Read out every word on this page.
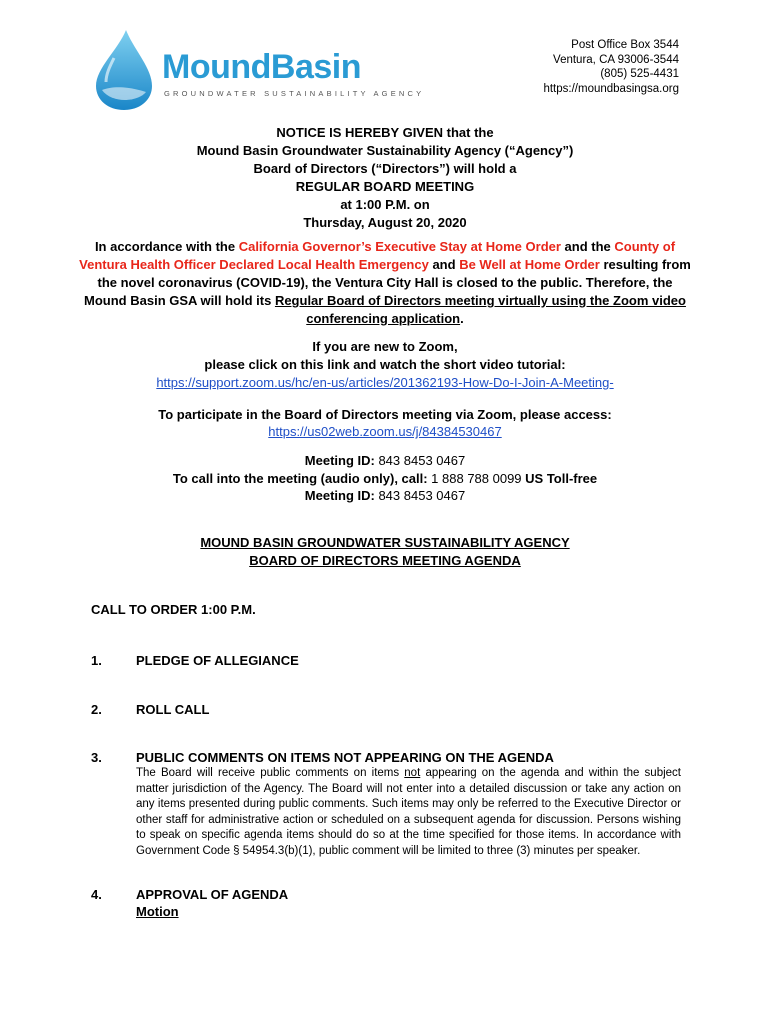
MoundBasin
GROUNDWATER SUSTAINABILITY AGENCY
Post Office Box 3544
Ventura, CA 93006-3544
(805) 525-4431
https://moundbasingsa.org
NOTICE IS HEREBY GIVEN that the
Mound Basin Groundwater Sustainability Agency (“Agency”)
Board of Directors (“Directors”) will hold a
REGULAR BOARD MEETING
at 1:00 P.M. on
Thursday, August 20, 2020
In accordance with the California Governor’s Executive Stay at Home Order and the County of Ventura Health Officer Declared Local Health Emergency and Be Well at Home Order resulting from the novel coronavirus (COVID-19), the Ventura City Hall is closed to the public. Therefore, the Mound Basin GSA will hold its Regular Board of Directors meeting virtually using the Zoom video conferencing application.
If you are new to Zoom,
please click on this link and watch the short video tutorial:
https://support.zoom.us/hc/en-us/articles/201362193-How-Do-I-Join-A-Meeting-
To participate in the Board of Directors meeting via Zoom, please access:
https://us02web.zoom.us/j/84384530467
Meeting ID: 843 8453 0467
To call into the meeting (audio only), call: 1 888 788 0099 US Toll-free
Meeting ID: 843 8453 0467
MOUND BASIN GROUNDWATER SUSTAINABILITY AGENCY
BOARD OF DIRECTORS MEETING AGENDA
CALL TO ORDER 1:00 P.M.
1.	PLEDGE OF ALLEGIANCE
2.	ROLL CALL
3.	PUBLIC COMMENTS ON ITEMS NOT APPEARING ON THE AGENDA
The Board will receive public comments on items not appearing on the agenda and within the subject matter jurisdiction of the Agency. The Board will not enter into a detailed discussion or take any action on any items presented during public comments. Such items may only be referred to the Executive Director or other staff for administrative action or scheduled on a subsequent agenda for discussion. Persons wishing to speak on specific agenda items should do so at the time specified for those items. In accordance with Government Code § 54954.3(b)(1), public comment will be limited to three (3) minutes per speaker.
4.	APPROVAL OF AGENDA
Motion
